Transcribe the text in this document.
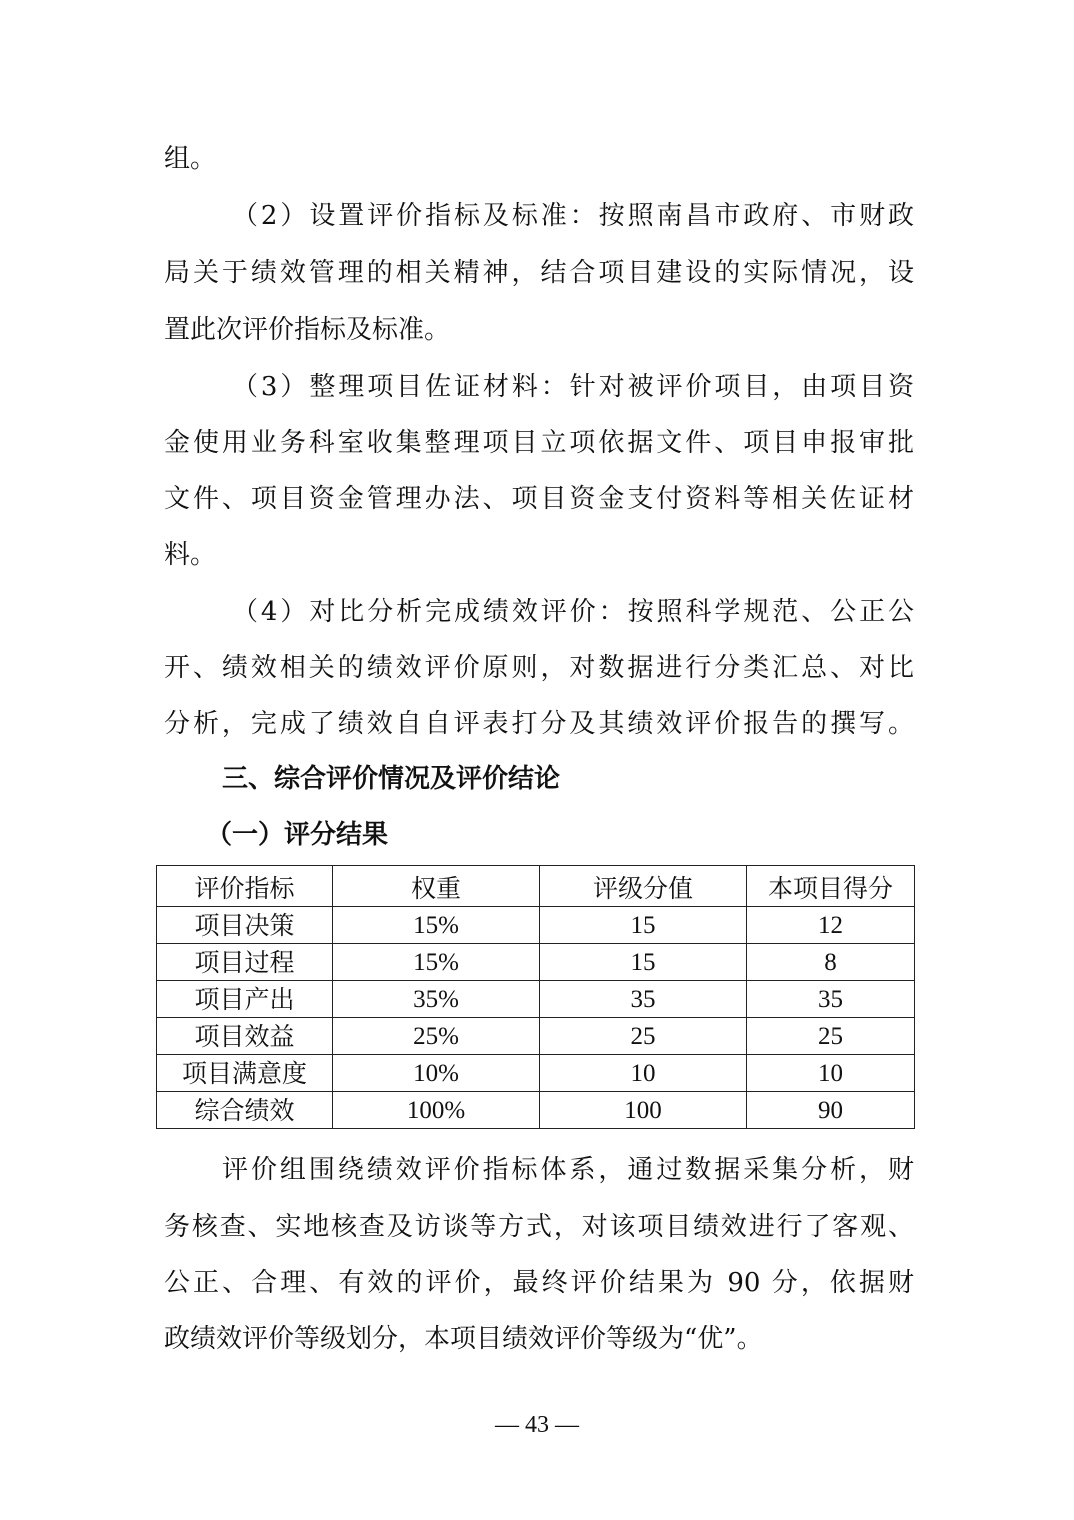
组。
（2）设置评价指标及标准：按照南昌市政府、市财政
局关于绩效管理的相关精神，结合项目建设的实际情况，设
置此次评价指标及标准。
（3）整理项目佐证材料：针对被评价项目，由项目资
金使用业务科室收集整理项目立项依据文件、项目申报审批
文件、项目资金管理办法、项目资金支付资料等相关佐证材
料。
（4）对比分析完成绩效评价：按照科学规范、公正公
开、绩效相关的绩效评价原则，对数据进行分类汇总、对比
分析，完成了绩效自自评表打分及其绩效评价报告的撰写。
三、综合评价情况及评价结论
（一）评分结果
评价指标	权重	评级分值	本项目得分
项目决策	15%	15	12
项目过程	15%	15	8
项目产出	35%	35	35
项目效益	25%	25	25
项目满意度	10%	10	10
综合绩效	100%	100	90
评价组围绕绩效评价指标体系，通过数据采集分析，财
务核查、实地核查及访谈等方式，对该项目绩效进行了客观、
公正、合理、有效的评价，最终评价结果为 90 分，依据财
政绩效评价等级划分，本项目绩效评价等级为“优”。
— 43 —
